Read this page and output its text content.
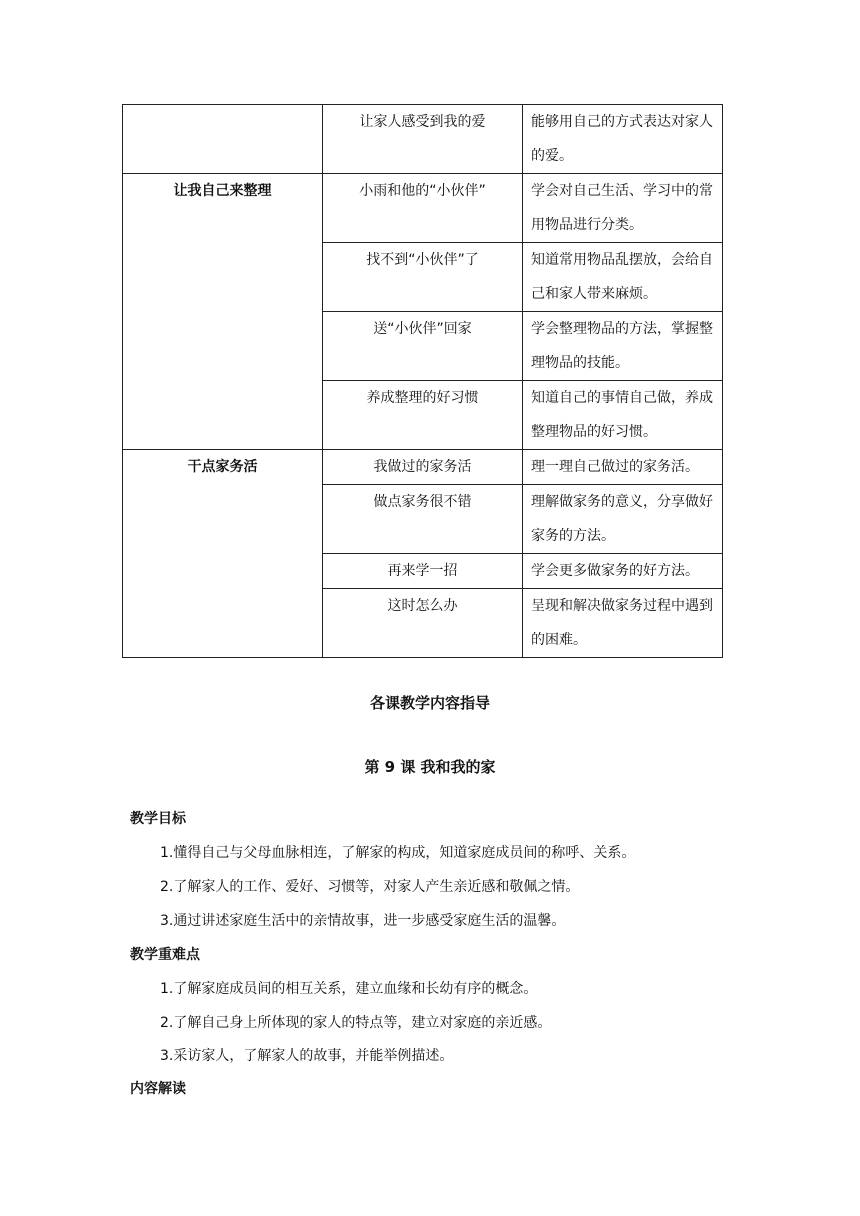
	让家人感受到我的爱	能够用自己的方式表达对家人的爱。
让我自己来整理	小雨和他的“小伙伴”	学会对自己生活、学习中的常用物品进行分类。
	找不到“小伙伴”了	知道常用物品乱摆放，会给自己和家人带来麻烦。
	送“小伙伴”回家	学会整理物品的方法，掌握整理物品的技能。
	养成整理的好习惯	知道自己的事情自己做，养成整理物品的好习惯。
干点家务活	我做过的家务活	理一理自己做过的家务活。
	做点家务很不错	理解做家务的意义，分享做好家务的方法。
	再来学一招	学会更多做家务的好方法。
	这时怎么办	呈现和解决做家务过程中遇到的困难。
各课教学内容指导
第 9 课 我和我的家
教学目标
1.懂得自己与父母血脉相连，了解家的构成，知道家庭成员间的称呼、关系。
2.了解家人的工作、爱好、习惯等，对家人产生亲近感和敬佩之情。
3.通过讲述家庭生活中的亲情故事，进一步感受家庭生活的温馨。
教学重难点
1.了解家庭成员间的相互关系，建立血缘和长幼有序的概念。
2.了解自己身上所体现的家人的特点等，建立对家庭的亲近感。
3.采访家人，了解家人的故事，并能举例描述。
内容解读
